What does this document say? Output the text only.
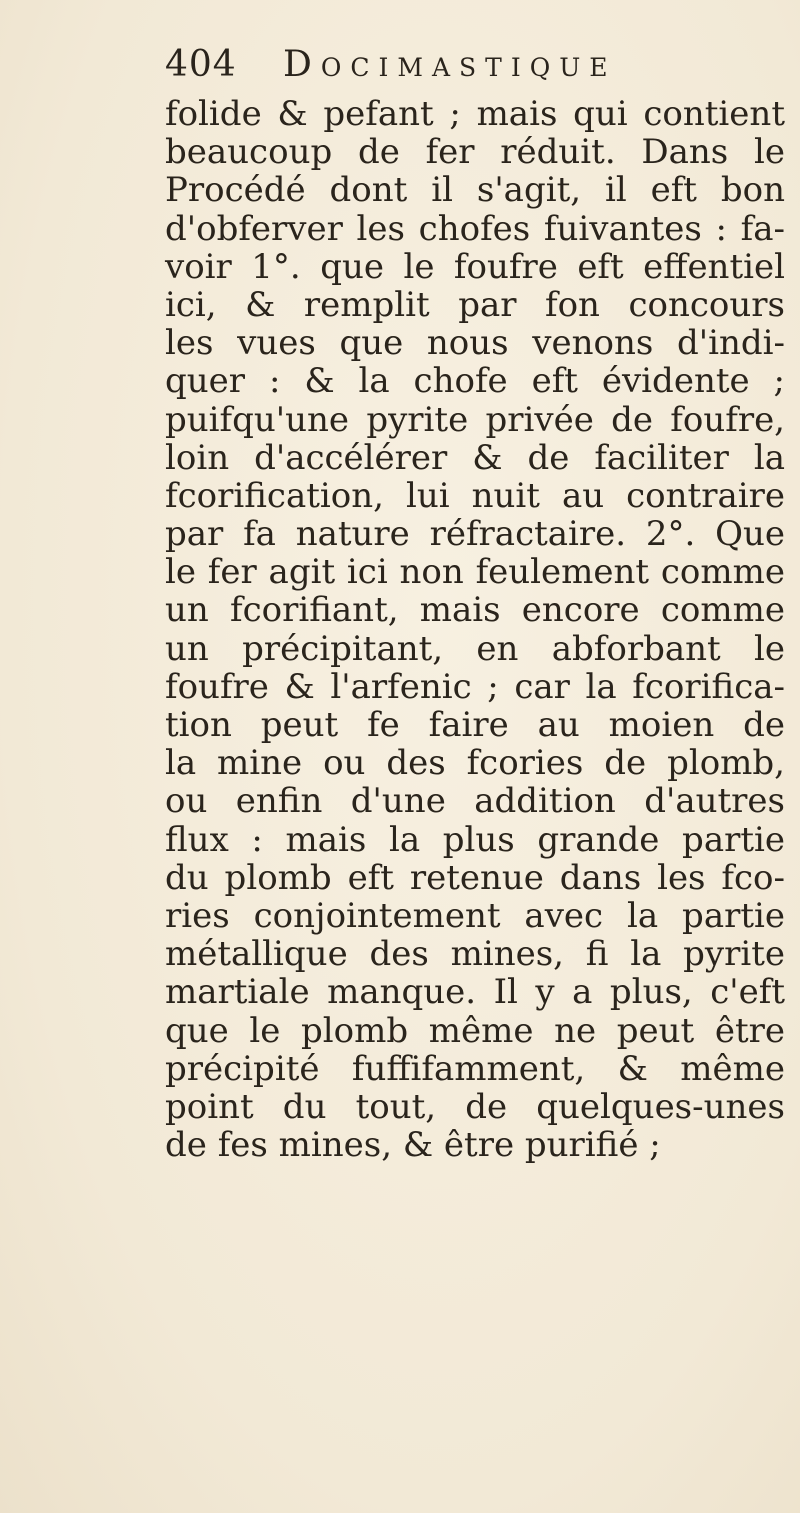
404 Docimastique
folide & pefant ; mais qui contient
beaucoup de fer réduit. Dans le
Procédé dont il s'agit, il eft bon
d'obferver les chofes fuivantes : fa-
voir 1°. que le foufre eft effentiel
ici, & remplit par fon concours
les vues que nous venons d'indi-
quer : & la chofe eft évidente ;
puifqu'une pyrite privée de foufre,
loin d'accélérer & de faciliter la
fcorification, lui nuit au contraire
par fa nature réfractaire. 2°. Que
le fer agit ici non feulement comme
un fcorifiant, mais encore comme
un précipitant, en abforbant le
foufre & l'arfenic ; car la fcorifica-
tion peut fe faire au moien de
la mine ou des fcories de plomb,
ou enfin d'une addition d'autres
flux : mais la plus grande partie
du plomb eft retenue dans les fco-
ries conjointement avec la partie
métallique des mines, fi la pyrite
martiale manque. Il y a plus, c'eft
que le plomb même ne peut être
précipité fuffifamment, & même
point du tout, de quelques-unes
de fes mines, & être purifié ;
